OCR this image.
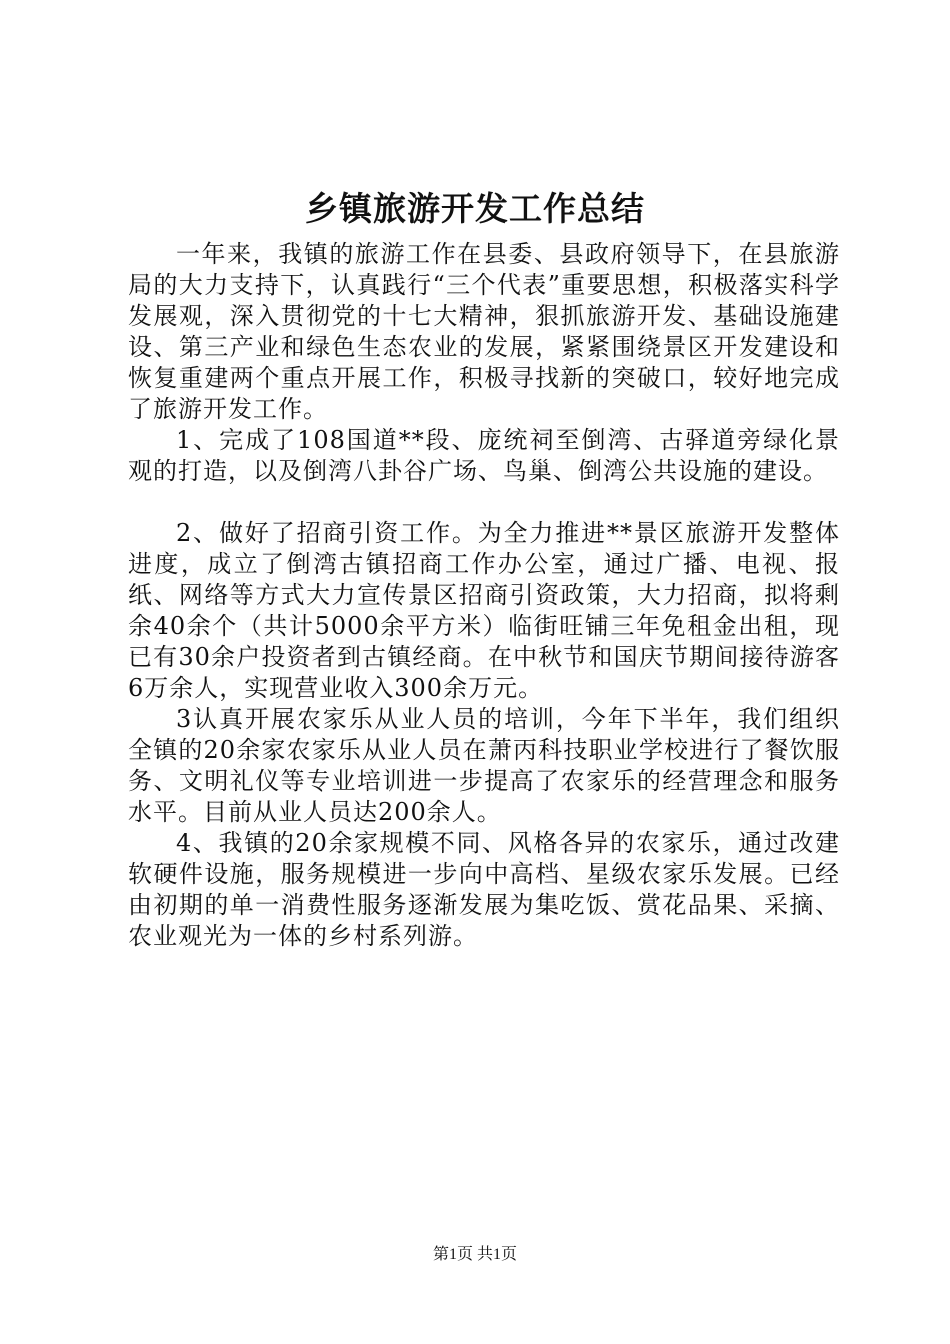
乡镇旅游开发工作总结

一年来，我镇的旅游工作在县委、县政府领导下，在县旅游局的大力支持下，认真践行“三个代表”重要思想，积极落实科学发展观，深入贯彻党的十七大精神，狠抓旅游开发、基础设施建设、第三产业和绿色生态农业的发展，紧紧围绕景区开发建设和恢复重建两个重点开展工作，积极寻找新的突破口，较好地完成了旅游开发工作。

1、完成了108国道**段、庞统祠至倒湾、古驿道旁绿化景观的打造，以及倒湾八卦谷广场、鸟巢、倒湾公共设施的建设。

2、做好了招商引资工作。为全力推进**景区旅游开发整体进度，成立了倒湾古镇招商工作办公室，通过广播、电视、报纸、网络等方式大力宣传景区招商引资政策，大力招商，拟将剩余40余个（共计5000余平方米）临街旺铺三年免租金出租，现已有30余户投资者到古镇经商。在中秋节和国庆节期间接待游客6万余人，实现营业收入300余万元。

3认真开展农家乐从业人员的培训，今年下半年，我们组织全镇的20余家农家乐从业人员在萧丙科技职业学校进行了餐饮服务、文明礼仪等专业培训进一步提高了农家乐的经营理念和服务水平。目前从业人员达200余人。

4、我镇的20余家规模不同、风格各异的农家乐，通过改建软硬件设施，服务规模进一步向中高档、星级农家乐发展。已经由初期的单一消费性服务逐渐发展为集吃饭、赏花品果、采摘、农业观光为一体的乡村系列游。

第1页 共1页
